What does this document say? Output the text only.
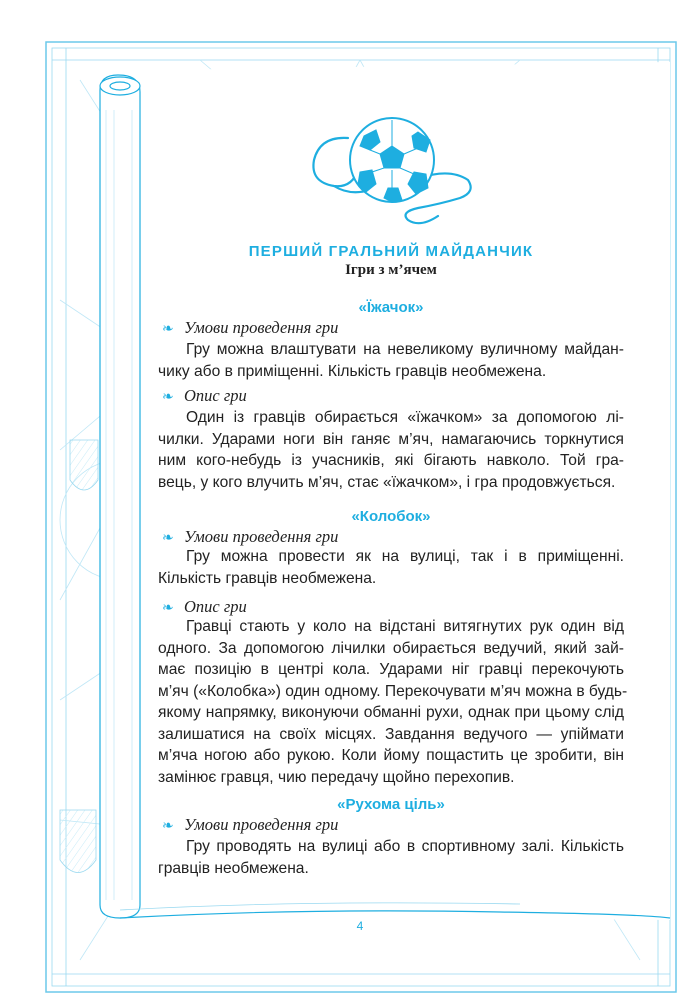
ПЕРШИЙ ГРАЛЬНИЙ МАЙДАНЧИК
Ігри з м’ячем
«Їжачок»
❧ Умови проведення гри
Гру можна влаштувати на невеликому вуличному майдан-
чику або в приміщенні. Кількість гравців необмежена.
❧ Опис гри
Один із гравців обирається «їжачком» за допомогою лі-
чилки. Ударами ноги він ганяє м’яч, намагаючись торкнутися
ним кого-небудь із учасників, які бігають навколо. Той гра-
вець, у кого влучить м’яч, стає «їжачком», і гра продовжується.
«Колобок»
❧ Умови проведення гри
Гру можна провести як на вулиці, так і в приміщенні.
Кількість гравців необмежена.
❧ Опис гри
Гравці стають у коло на відстані витягнутих рук один від
одного. За допомогою лічилки обирається ведучий, який зай-
має позицію в центрі кола. Ударами ніг гравці перекочують
м’яч («Колобка») один одному. Перекочувати м’яч можна в будь-
якому напрямку, виконуючи обманні рухи, однак при цьому слід
залишатися на своїх місцях. Завдання ведучого — упіймати
м’яча ногою або рукою. Коли йому пощастить це зробити, він
замінює гравця, чию передачу щойно перехопив.
«Рухома ціль»
❧ Умови проведення гри
Гру проводять на вулиці або в спортивному залі. Кількість
гравців необмежена.
4
